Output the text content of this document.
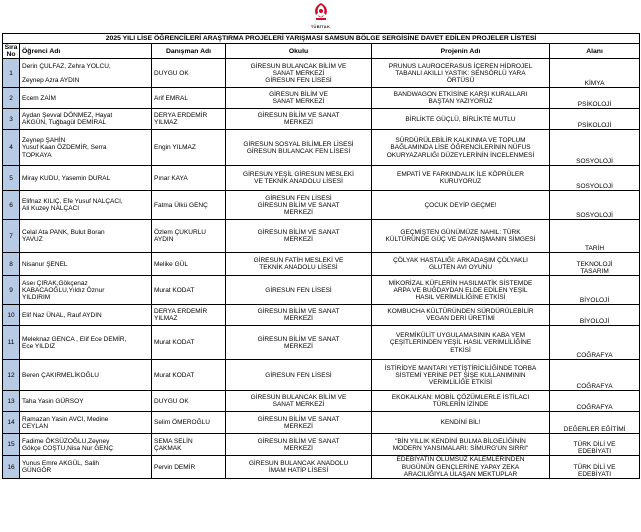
TÜBİTAK
2025 YILI LİSE ÖĞRENCİLERİ ARAŞTIRMA PROJELERİ YARIŞMASI SAMSUN BÖLGE SERGİSİNE DAVET EDİLEN PROJELER LİSTESİ					
Sıra No	Öğrenci Adı	Danışman Adı	Okulu	Projenin Adı	Alanı

1	Derin ÇULFAZ, Zehra YOLCU,

Zeynep Azra AYDIN	DUYGU OK	GİRESUN BULANCAK BİLİM VE
SANAT MERKEZİ
GİRESUN FEN LİSESİ	PRUNUS LAUROCERASUS İÇEREN HİDROJEL
TABANLI AKILLI YASTIK: SENSÖRLÜ YARA
ÖRTÜSÜ	KİMYA

2	Ecem ZAİM	Arif EMRAL	GİRESUN BİLİM VE
SANAT MERKEZİ	BANDWAGON ETKİSİNE KARŞI KURALLARI
BAŞTAN YAZIYORUZ	PSİKOLOJİ

3	Aydan Şevval DÖNMEZ, Hayat
AKGÜN, Tuğbagül DEMİRAL	DERYA ERDEMİR
YILMAZ	GİRESUN BİLİM VE SANAT
MERKEZİ	BİRLİKTE GÜÇLÜ, BİRLİKTE MUTLU	PSİKOLOJİ

4	Zeynep ŞAHİN
Yusuf Kaan ÖZDEMİR, Serra
TOPKAYA	Engin YILMAZ	GİRESUN SOSYAL BİLİMLER LİSESİ
GİRESUN BULANCAK FEN LİSESİ	SÜRDÜRÜLEBİLİR KALKINMA VE TOPLUM
BAĞLAMINDA LİSE ÖĞRENCİLERİNİN NÜFUS
OKURYAZARLIĞI DÜZEYLERİNİN İNCELENMESİ	SOSYOLOJİ

5	Miray KUDU, Yasemin DURAL	Pınar KAYA	GİRESUN YEŞİL GİRESUN MESLEKİ
VE TEKNİK ANADOLU LİSESİ	EMPATİ VE FARKINDALIK İLE KÖPRÜLER
KURUYORUZ	SOSYOLOJİ

6	Elifnaz KILIÇ, Efe Yusuf NALÇACI,
Ali Kuzey NALÇACI	Fatma Ülkü GENÇ	GİRESUN FEN LİSESİ
GİRESUN BİLİM VE SANAT
MERKEZİ	ÇOCUK DEYİP GEÇME!	SOSYOLOJİ

7	Celal Ata PANK, Bulut Boran
YAVUZ	Özlem ÇUKURLU
AYDIN	GİRESUN BİLİM VE SANAT
MERKEZİ	GEÇMİŞTEN GÜNÜMÜZE NAHIL: TÜRK
KÜLTÜRÜNDE GÜÇ VE DAYANIŞMANIN SİMGESİ	TARİH

8	Nisanur ŞENEL	Melike GÜL	GİRESUN FATİH MESLEKİ VE
TEKNİK ANADOLU LİSESİ	ÇÖLYAK HASTALIĞI: ARKADAŞIM ÇÖLYAKLI
GLUTEN AVI OYUNU	TEKNOLOJİ
TASARIM

9	Aseı ÇIRAK,Gökçenaz
KABACAOĞLU,Yıldız Öznur
YILDIRIM	Murat KODAT	GİRESUN FEN LİSESİ	MİKORİZAL KÜFLERİN HASILMATİK SİSTEMDE
ARPA VE BUĞDAYDAN ELDE EDİLEN YEŞİL
HASIL VERİMLİLİĞİNE ETKİSİ	BİYOLOJİ

10	Elif Naz ÜNAL, Rauf AYDIN	DERYA ERDEMİR
YILMAZ	GİRESUN BİLİM VE SANAT
MERKEZİ	KOMBUCHA KÜLTÜRÜNDEN SÜRDÜRÜLEBİLİR
VEGAN DERİ ÜRETİMİ	BİYOLOJİ

11	Meleknaz GENCA , Elif Ece DEMİR,
Ece YILDIZ	Murat KODAT	GİRESUN BİLİM VE SANAT
MERKEZİ	VERMİKÜLİT UYGULAMASININ KABA YEM
ÇEŞİTLERİNDEN YEŞİL HASIL VERİMLİLİĞİNE
ETKİSİ	COĞRAFYA

12	Beren ÇAKIRMELİKOĞLU	Murat KODAT	GİRESUN FEN LİSESİ	İSTİRİDYE MANTARI YETİŞTİRİCİLİĞİNDE TORBA
SİSTEMİ YERİNE PET ŞİŞE KULLANIMININ
VERİMLİLİĞE ETKİSİ	COĞRAFYA

13	Taha Yasin GÜRSOY	DUYGU OK	GİRESUN BULANCAK BİLİM VE
SANAT MERKEZİ	EKOKALKAN: MOBİL ÇÖZÜMLERLE İSTİLACI
TÜRLERİN İZİNDE	COĞRAFYA

14	Ramazan Yasin AVCI, Medine
CEYLAN	Selim ÖMEROĞLU	GİRESUN BİLİM VE SANAT
MERKEZİ	KENDİNİ BİL!	DEĞERLER EĞİTİMİ

15	Fadime ÖKSÜZOĞLU,Zeyney
Gökçe COŞTU,Nisa Nur GENÇ	SEMA SELİN
ÇAKMAK	GİRESUN BİLİM VE SANAT
MERKEZİ	"BİN YILLIK KENDİNİ BULMA BİLGELİĞİNİN
MODERN YANSIMALARI: SİMURG'UN SIRRI"	TÜRK DİLİ VE
EDEBİYATI

16	Yunus Emre AKGÜL, Salih
GÜNGÖR	Pervin DEMİR	GİRESUN BULANCAK ANADOLU
İMAM HATİP LİSESİ	EDEBİYATIN ÖLÜMSÜZ KALEMLERİNDEN
BUGÜNÜN GENÇLERİNE YAPAY ZEKA
ARACILIĞIYLA ULAŞAN MEKTUPLAR	TÜRK DİLİ VE
EDEBİYATI
